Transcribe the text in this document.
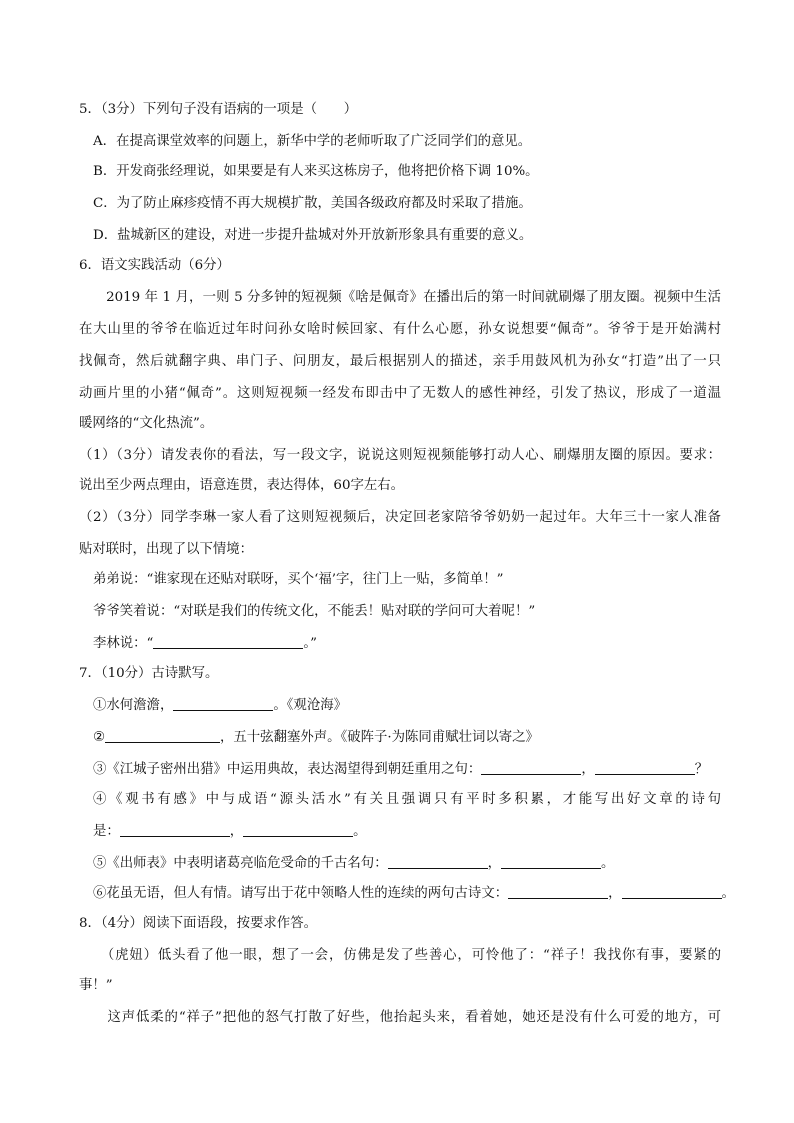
5．（3分）下列句子没有语病的一项是（　　）
A．在提高课堂效率的问题上，新华中学的老师听取了广泛同学们的意见。
B．开发商张经理说，如果要是有人来买这栋房子，他将把价格下调 10%。
C．为了防止麻疹疫情不再大规模扩散，美国各级政府都及时采取了措施。
D．盐城新区的建设，对进一步提升盐城对外开放新形象具有重要的意义。
6．语文实践活动（6分）
　　2019 年 1 月，一则 5 分多钟的短视频《啥是佩奇》在播出后的第一时间就刷爆了朋友圈。视频中生活
在大山里的爷爷在临近过年时问孙女啥时候回家、有什么心愿，孙女说想要“佩奇”。爷爷于是开始满村
找佩奇，然后就翻字典、串门子、问朋友，最后根据别人的描述，亲手用鼓风机为孙女“打造”出了一只
动画片里的小猪“佩奇”。这则短视频一经发布即击中了无数人的感性神经，引发了热议，形成了一道温
暖网络的“文化热流”。
（1）（3分）请发表你的看法，写一段文字，说说这则短视频能够打动人心、刷爆朋友圈的原因。要求：
说出至少两点理由，语意连贯，表达得体，60字左右。
（2）（3分）同学李琳一家人看了这则短视频后，决定回老家陪爷爷奶奶一起过年。大年三十一家人准备
贴对联时，出现了以下情境：
弟弟说：“谁家现在还贴对联呀，买个‘福’字，往门上一贴，多简单！”
爷爷笑着说：“对联是我们的传统文化，不能丢！贴对联的学问可大着呢！”
李林说：“	。”
7．（10分）古诗默写。
①水何澹澹，	。《观沧海》
②	，五十弦翻塞外声。《破阵子·为陈同甫赋壮词以寄之》
③《江城子密州出猎》中运用典故，表达渴望得到朝廷重用之句：	，	？
④《观书有感》中与成语“源头活水”有关且强调只有平时多积累，才能写出好文章的诗句
是：	，	。
⑤《出师表》中表明诸葛亮临危受命的千古名句：	，	。
⑥花虽无语，但人有情。请写出于花中领略人性的连续的两句古诗文：	，	。
8．（4分）阅读下面语段，按要求作答。
　　（虎妞）低头看了他一眼，想了一会，仿佛是发了些善心，可怜他了：“祥子！我找你有事，要紧的
事！”
　　这声低柔的“祥子”把他的怒气打散了好些，他抬起头来，看着她，她还是没有什么可爱的地方，可
